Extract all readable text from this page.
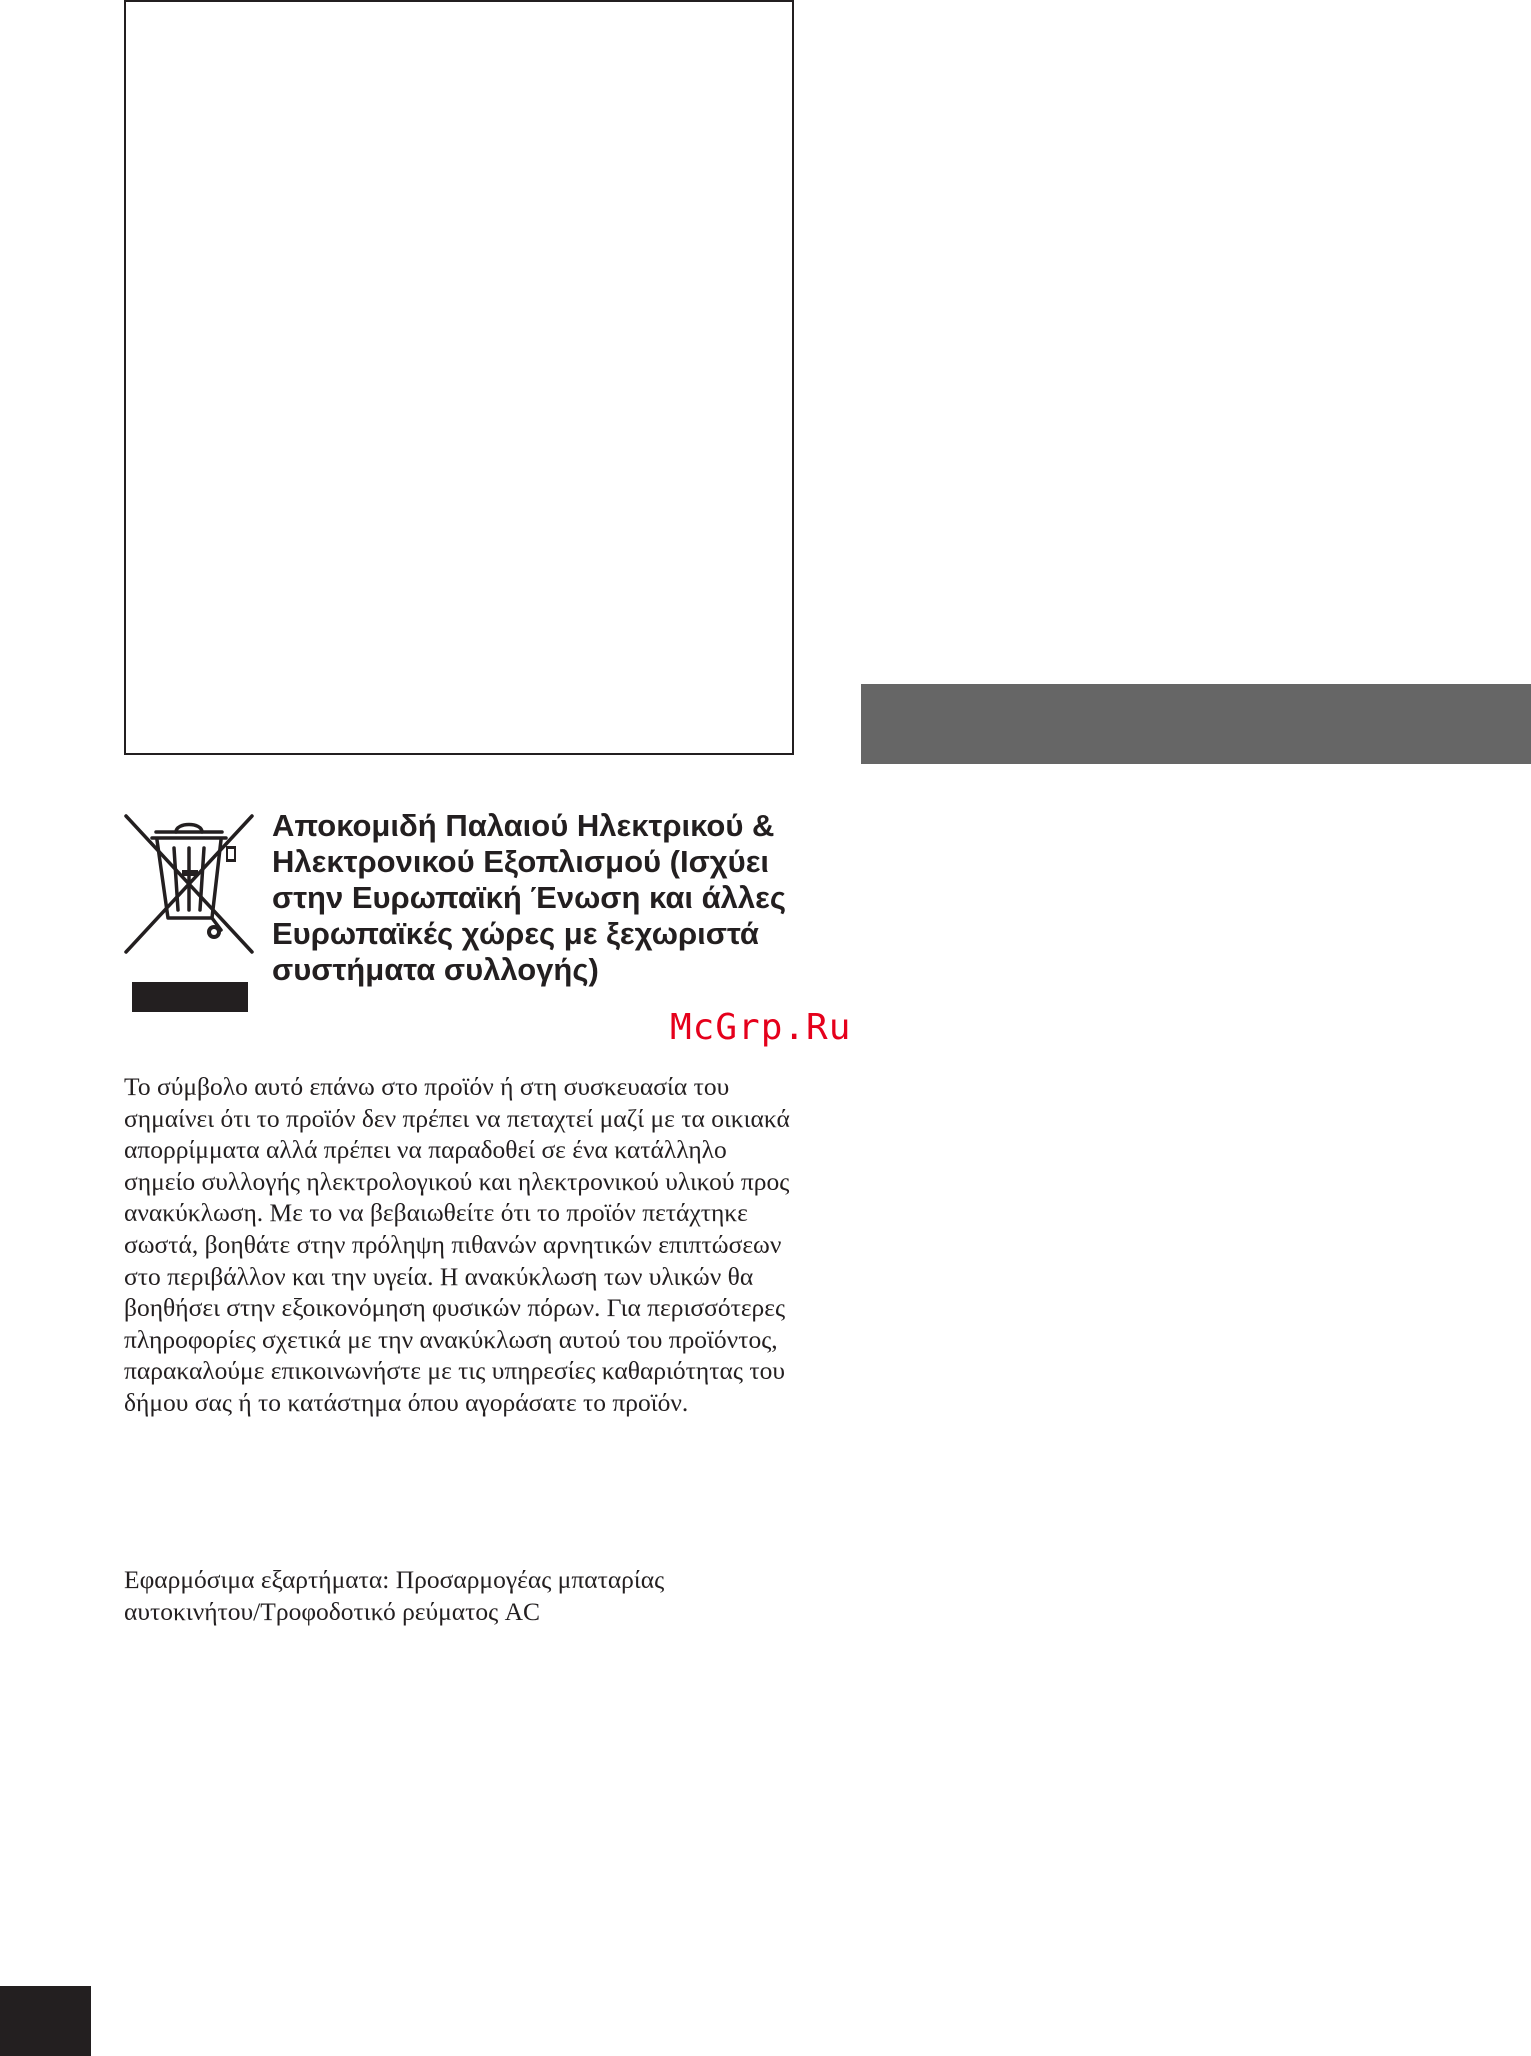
Αποκομιδή Παλαιού Ηλεκτρικού & Ηλεκτρονικού Εξοπλισμού (Ισχύει στην Ευρωπαϊκή Ένωση και άλλες Ευρωπαϊκές χώρες με ξεχωριστά συστήματα συλλογής)

Το σύμβολο αυτό επάνω στο προϊόν ή στη συσκευασία του σημαίνει ότι το προϊόν δεν πρέπει να πεταχτεί μαζί με τα οικιακά απορρίμματα αλλά πρέπει να παραδοθεί σε ένα κατάλληλο σημείο συλλογής ηλεκτρολογικού και ηλεκτρονικού υλικού προς ανακύκλωση. Με το να βεβαιωθείτε ότι το προϊόν πετάχτηκε σωστά, βοηθάτε στην πρόληψη πιθανών αρνητικών επιπτώσεων στο περιβάλλον και την υγεία. Η ανακύκλωση των υλικών θα βοηθήσει στην εξοικονόμηση φυσικών πόρων. Για περισσότερες πληροφορίες σχετικά με την ανακύκλωση αυτού του προϊόντος, παρακαλούμε επικοινωνήστε με τις υπηρεσίες καθαριότητας του δήμου σας ή το κατάστημα όπου αγοράσατε το προϊόν.

Εφαρμόσιμα εξαρτήματα: Προσαρμογέας μπαταρίας αυτοκινήτου/Τροφοδοτικό ρεύματος AC

McGrp.Ru
